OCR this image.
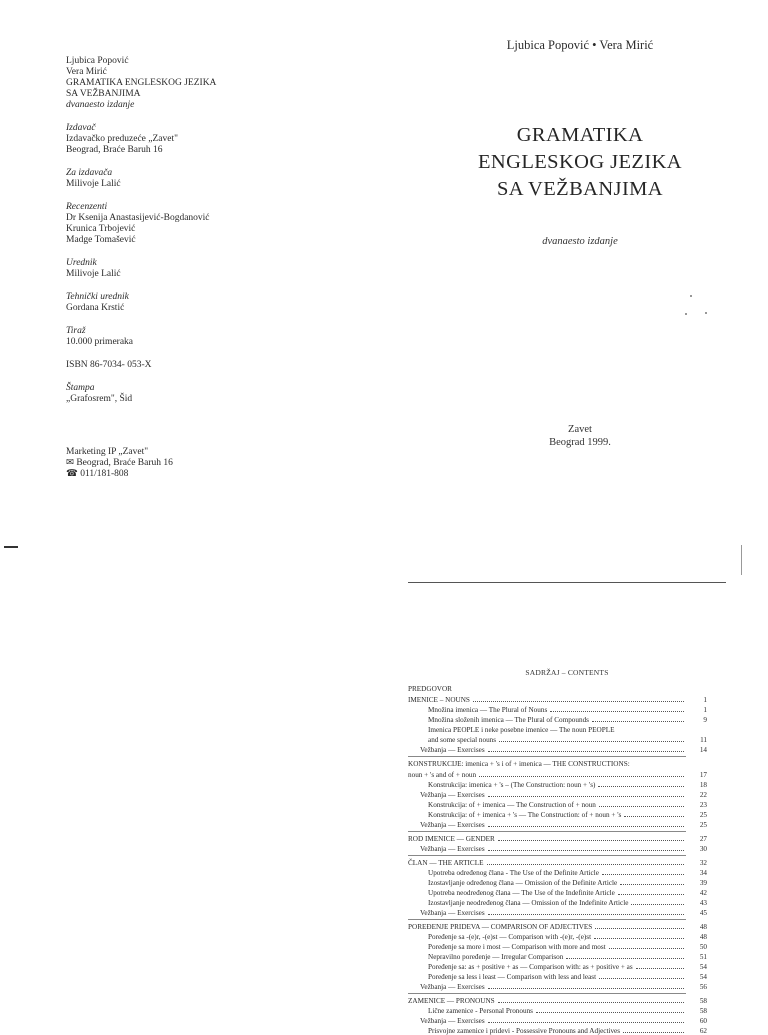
Ljubica Popović
Vera Mirić
GRAMATIKA ENGLESKOG JEZIKA
SA VEŽBANJIMA
dvanaesto izdanje
Izdavač
Izdavačko preduzeće „Zavet"
Beograd, Braće Baruh 16
Za izdavača
Milivoje Lalić
Recenzenti
Dr Ksenija Anastasijević-Bogdanović
Krunica Trbojević
Madge Tomašević
Urednik
Milivoje Lalić
Tehnički urednik
Gordana Krstić
Tiraž
10.000 primeraka
ISBN 86-7034- 053-X
Štampa
„Grafosrem", Šid
Marketing IP „Zavet"
✉ Beograd, Braće Baruh 16
☎ 011/181-808
Ljubica Popović • Vera Mirić
GRAMATIKA
ENGLESKOG JEZIKA
SA VEŽBANJIMA
dvanaesto izdanje
Zavet
Beograd 1999.
SADRŽAJ – CONTENTS
PREDGOVOR
IMENICE – NOUNS	1
Množina imenica — The Plural of Nouns	1
Množina složenih imenica — The Plural of Compounds	9
Imenica PEOPLE i neke posebne imenice — The noun PEOPLE
and some special nouns	11
Vežbanja — Exercises	14
KONSTRUKCIJE: imenica + 's i of + imenica — THE CONSTRUCTIONS:
noun + 's and of + noun	17
Konstrukcija: imenica + 's – (The Construction: noun + 's)	18
Vežbanja — Exercises	22
Konstrukcija: of + imenica — The Construction of + noun	23
Konstrukcija: of + imenica + 's — The Construction: of + noun + 's	25
Vežbanja — Exercises	25
ROD IMENICE — GENDER	27
Vežbanja — Exercises	30
ČLAN — THE ARTICLE	32
Upotreba određenog člana - The Use of the Definite Article	34
Izostavljanje određenog člana — Omission of the Definite Article	39
Upotreba neodređenog člana — The Use of the Indefinite Article	42
Izostavljanje neodređenog člana — Omission of the Indefinite Article	43
Vežbanja — Exercises	45
POREĐENJE PRIDEVA — COMPARISON OF ADJECTIVES	48
Poređenje sa -(e)r, -(e)st — Comparison with -(e)r, -(e)st	48
Poređenje sa more i most — Comparison with more and most	50
Nepravilno poređenje — Irregular Comparison	51
Poređenje sa: as + positive + as — Comparison with: as + positive + as	54
Poređenje sa less i least — Comparison with less and least	54
Vežbanja — Exercises	56
ZAMENICE — PRONOUNS	58
Lične zamenice - Personal Pronouns	58
Vežbanja — Exercises	60
Prisvojne zamenice i pridevi - Possessive Pronouns and Adjectives	62
